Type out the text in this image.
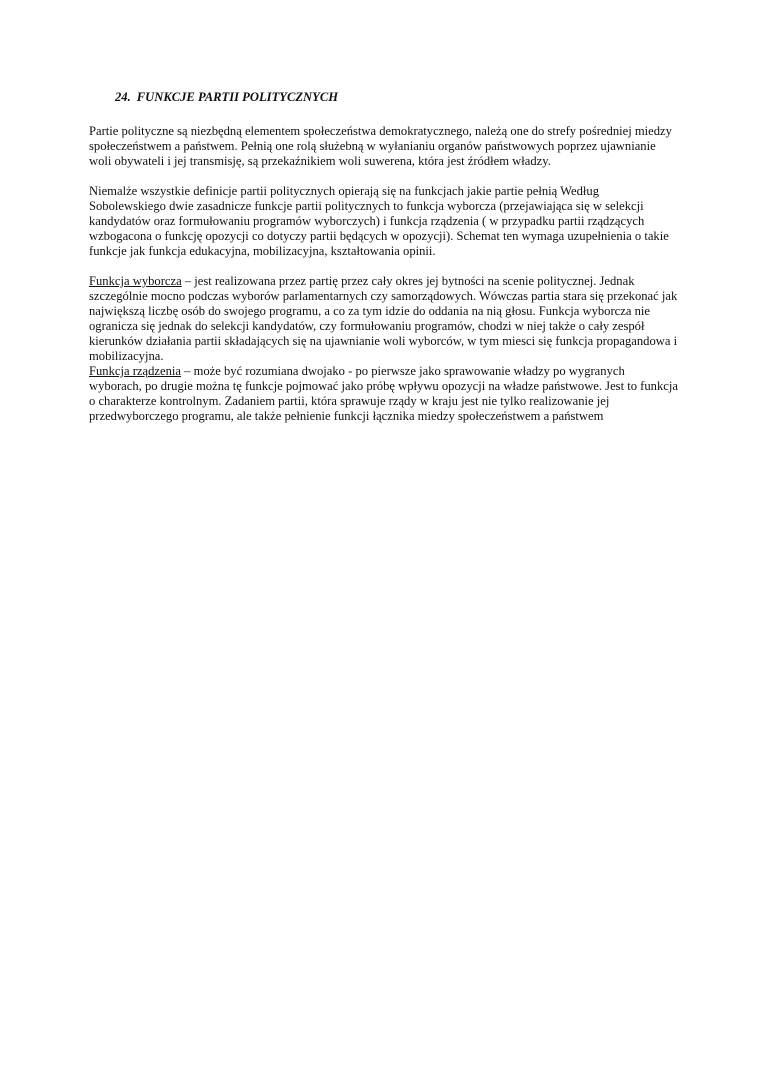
24. FUNKCJE PARTII POLITYCZNYCH

Partie polityczne są niezbędną elementem społeczeństwa demokratycznego, należą one do strefy pośredniej miedzy społeczeństwem a państwem. Pełnią one rolą służebną w wyłanianiu organów państwowych poprzez ujawnianie woli obywateli i jej transmisję, są przekaźnikiem woli suwerena, która jest źródłem władzy.

Niemalże wszystkie definicje partii politycznych opierają się na funkcjach jakie partie pełnią Według Sobolewskiego dwie zasadnicze funkcje partii politycznych to funkcja wyborcza (przejawiająca się w selekcji kandydatów oraz formułowaniu programów wyborczych) i funkcja rządzenia ( w przypadku partii rządzących wzbogacona o funkcję opozycji co dotyczy partii będących w opozycji). Schemat ten wymaga uzupełnienia o takie funkcje jak funkcja edukacyjna, mobilizacyjna, kształtowania opinii.

Funkcja wyborcza – jest realizowana przez partię przez cały okres jej bytności na scenie politycznej. Jednak szczególnie mocno podczas wyborów parlamentarnych czy samorządowych. Wówczas partia stara się przekonać jak największą liczbę osób do swojego programu, a co za tym idzie do oddania na nią głosu. Funkcja wyborcza nie ogranicza się jednak do selekcji kandydatów, czy formułowaniu programów, chodzi w niej także o cały zespół kierunków działania partii składających się na ujawnianie woli wyborców, w tym miesci się funkcja propagandowa i mobilizacyjna.

Funkcja rządzenia – może być rozumiana dwojako - po pierwsze jako sprawowanie władzy po wygranych wyborach, po drugie można tę funkcje pojmować jako próbę wpływu opozycji na władze państwowe. Jest to funkcja o charakterze kontrolnym. Zadaniem partii, która sprawuje rządy w kraju jest nie tylko realizowanie jej przedwyborczego programu, ale także pełnienie funkcji łącznika miedzy społeczeństwem a państwem
